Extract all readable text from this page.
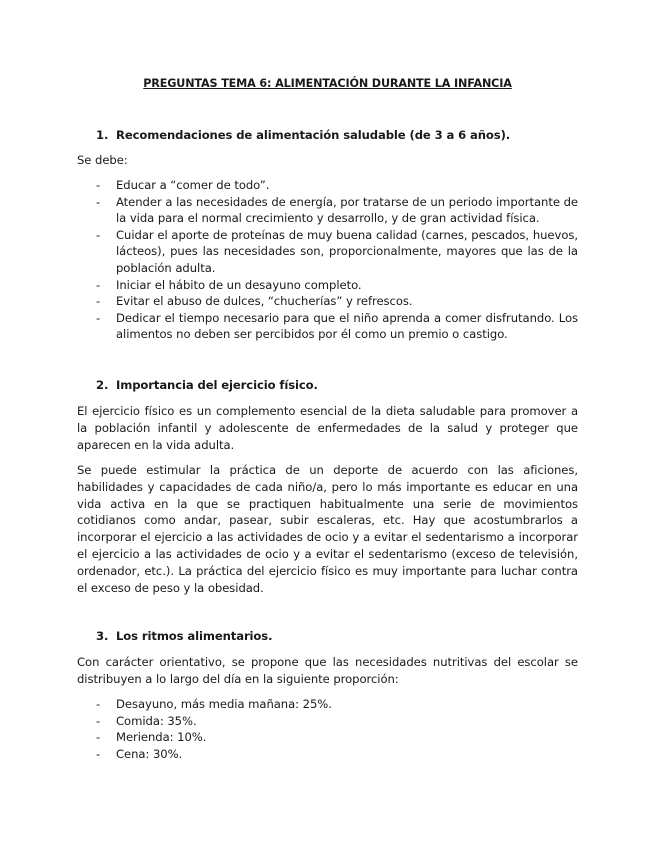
PREGUNTAS TEMA 6: ALIMENTACIÓN DURANTE LA INFANCIA
1. Recomendaciones de alimentación saludable (de 3 a 6 años).
Se debe:
- Educar a “comer de todo”.
- Atender a las necesidades de energía, por tratarse de un periodo importante de la vida para el normal crecimiento y desarrollo, y de gran actividad física.
- Cuidar el aporte de proteínas de muy buena calidad (carnes, pescados, huevos, lácteos), pues las necesidades son, proporcionalmente, mayores que las de la población adulta.
- Iniciar el hábito de un desayuno completo.
- Evitar el abuso de dulces, “chucherías” y refrescos.
- Dedicar el tiempo necesario para que el niño aprenda a comer disfrutando. Los alimentos no deben ser percibidos por él como un premio o castigo.
2. Importancia del ejercicio físico.
El ejercicio físico es un complemento esencial de la dieta saludable para promover a la población infantil y adolescente de enfermedades de la salud y proteger que aparecen en la vida adulta.
Se puede estimular la práctica de un deporte de acuerdo con las aficiones, habilidades y capacidades de cada niño/a, pero lo más importante es educar en una vida activa en la que se practiquen habitualmente una serie de movimientos cotidianos como andar, pasear, subir escaleras, etc. Hay que acostumbrarlos a incorporar el ejercicio a las actividades de ocio y a evitar el sedentarismo a incorporar el ejercicio a las actividades de ocio y a evitar el sedentarismo (exceso de televisión, ordenador, etc.). La práctica del ejercicio físico es muy importante para luchar contra el exceso de peso y la obesidad.
3. Los ritmos alimentarios.
Con carácter orientativo, se propone que las necesidades nutritivas del escolar se distribuyen a lo largo del día en la siguiente proporción:
- Desayuno, más media mañana: 25%.
- Comida: 35%.
- Merienda: 10%.
- Cena: 30%.
